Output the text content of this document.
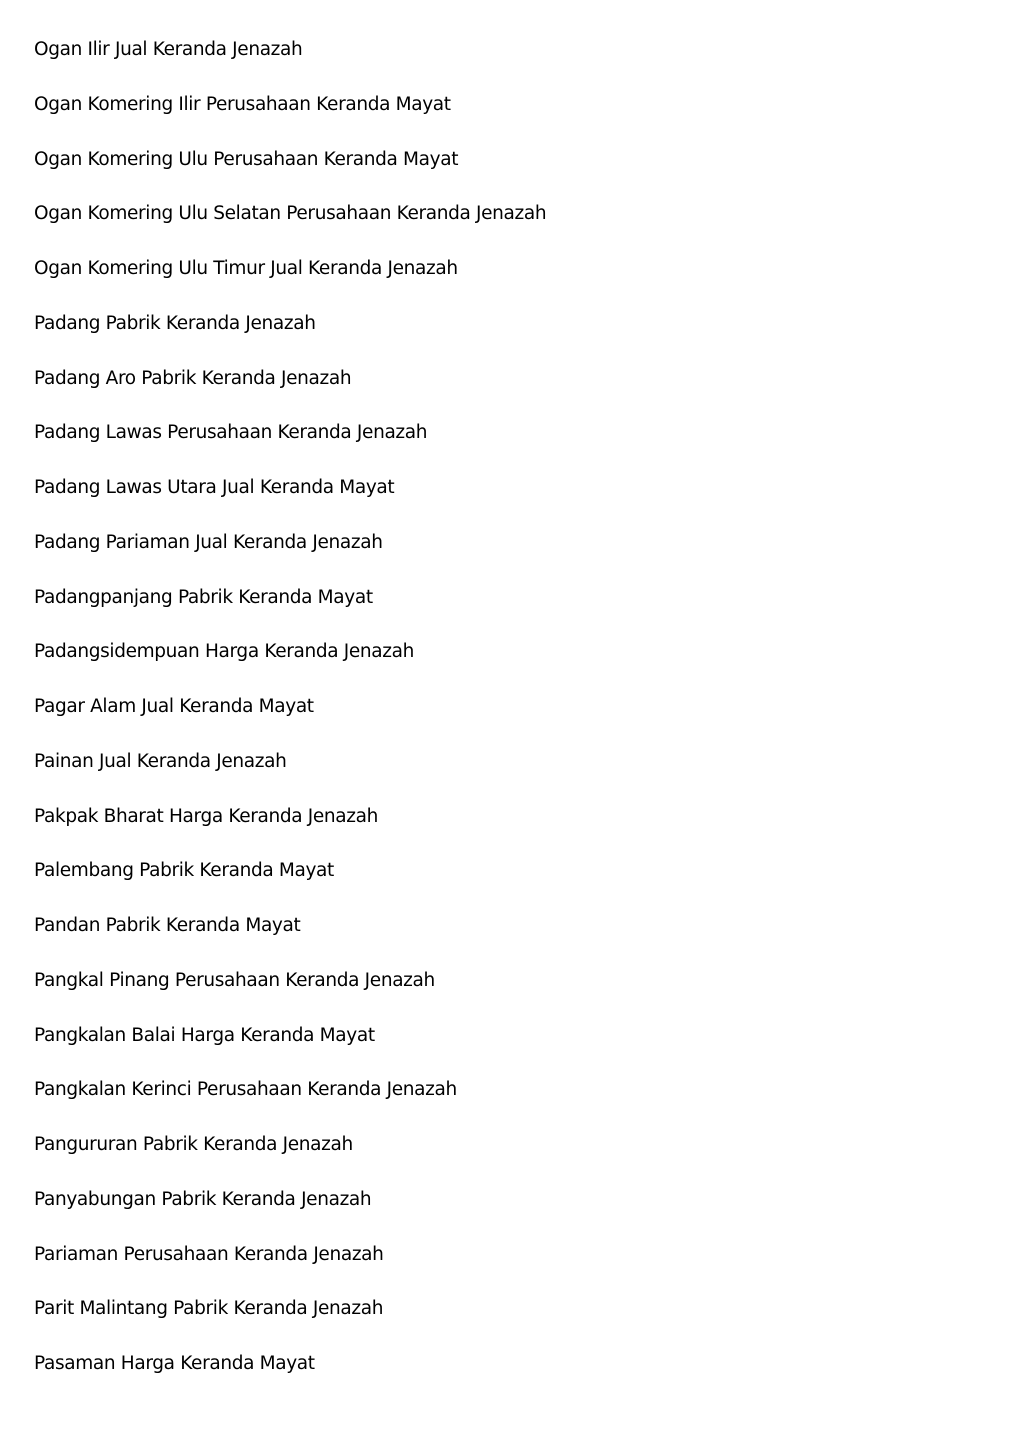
Ogan Ilir Jual Keranda Jenazah
Ogan Komering Ilir Perusahaan Keranda Mayat
Ogan Komering Ulu Perusahaan Keranda Mayat
Ogan Komering Ulu Selatan Perusahaan Keranda Jenazah
Ogan Komering Ulu Timur Jual Keranda Jenazah
Padang Pabrik Keranda Jenazah
Padang Aro Pabrik Keranda Jenazah
Padang Lawas Perusahaan Keranda Jenazah
Padang Lawas Utara Jual Keranda Mayat
Padang Pariaman Jual Keranda Jenazah
Padangpanjang Pabrik Keranda Mayat
Padangsidempuan Harga Keranda Jenazah
Pagar Alam Jual Keranda Mayat
Painan Jual Keranda Jenazah
Pakpak Bharat Harga Keranda Jenazah
Palembang Pabrik Keranda Mayat
Pandan Pabrik Keranda Mayat
Pangkal Pinang Perusahaan Keranda Jenazah
Pangkalan Balai Harga Keranda Mayat
Pangkalan Kerinci Perusahaan Keranda Jenazah
Pangururan Pabrik Keranda Jenazah
Panyabungan Pabrik Keranda Jenazah
Pariaman Perusahaan Keranda Jenazah
Parit Malintang Pabrik Keranda Jenazah
Pasaman Harga Keranda Mayat
